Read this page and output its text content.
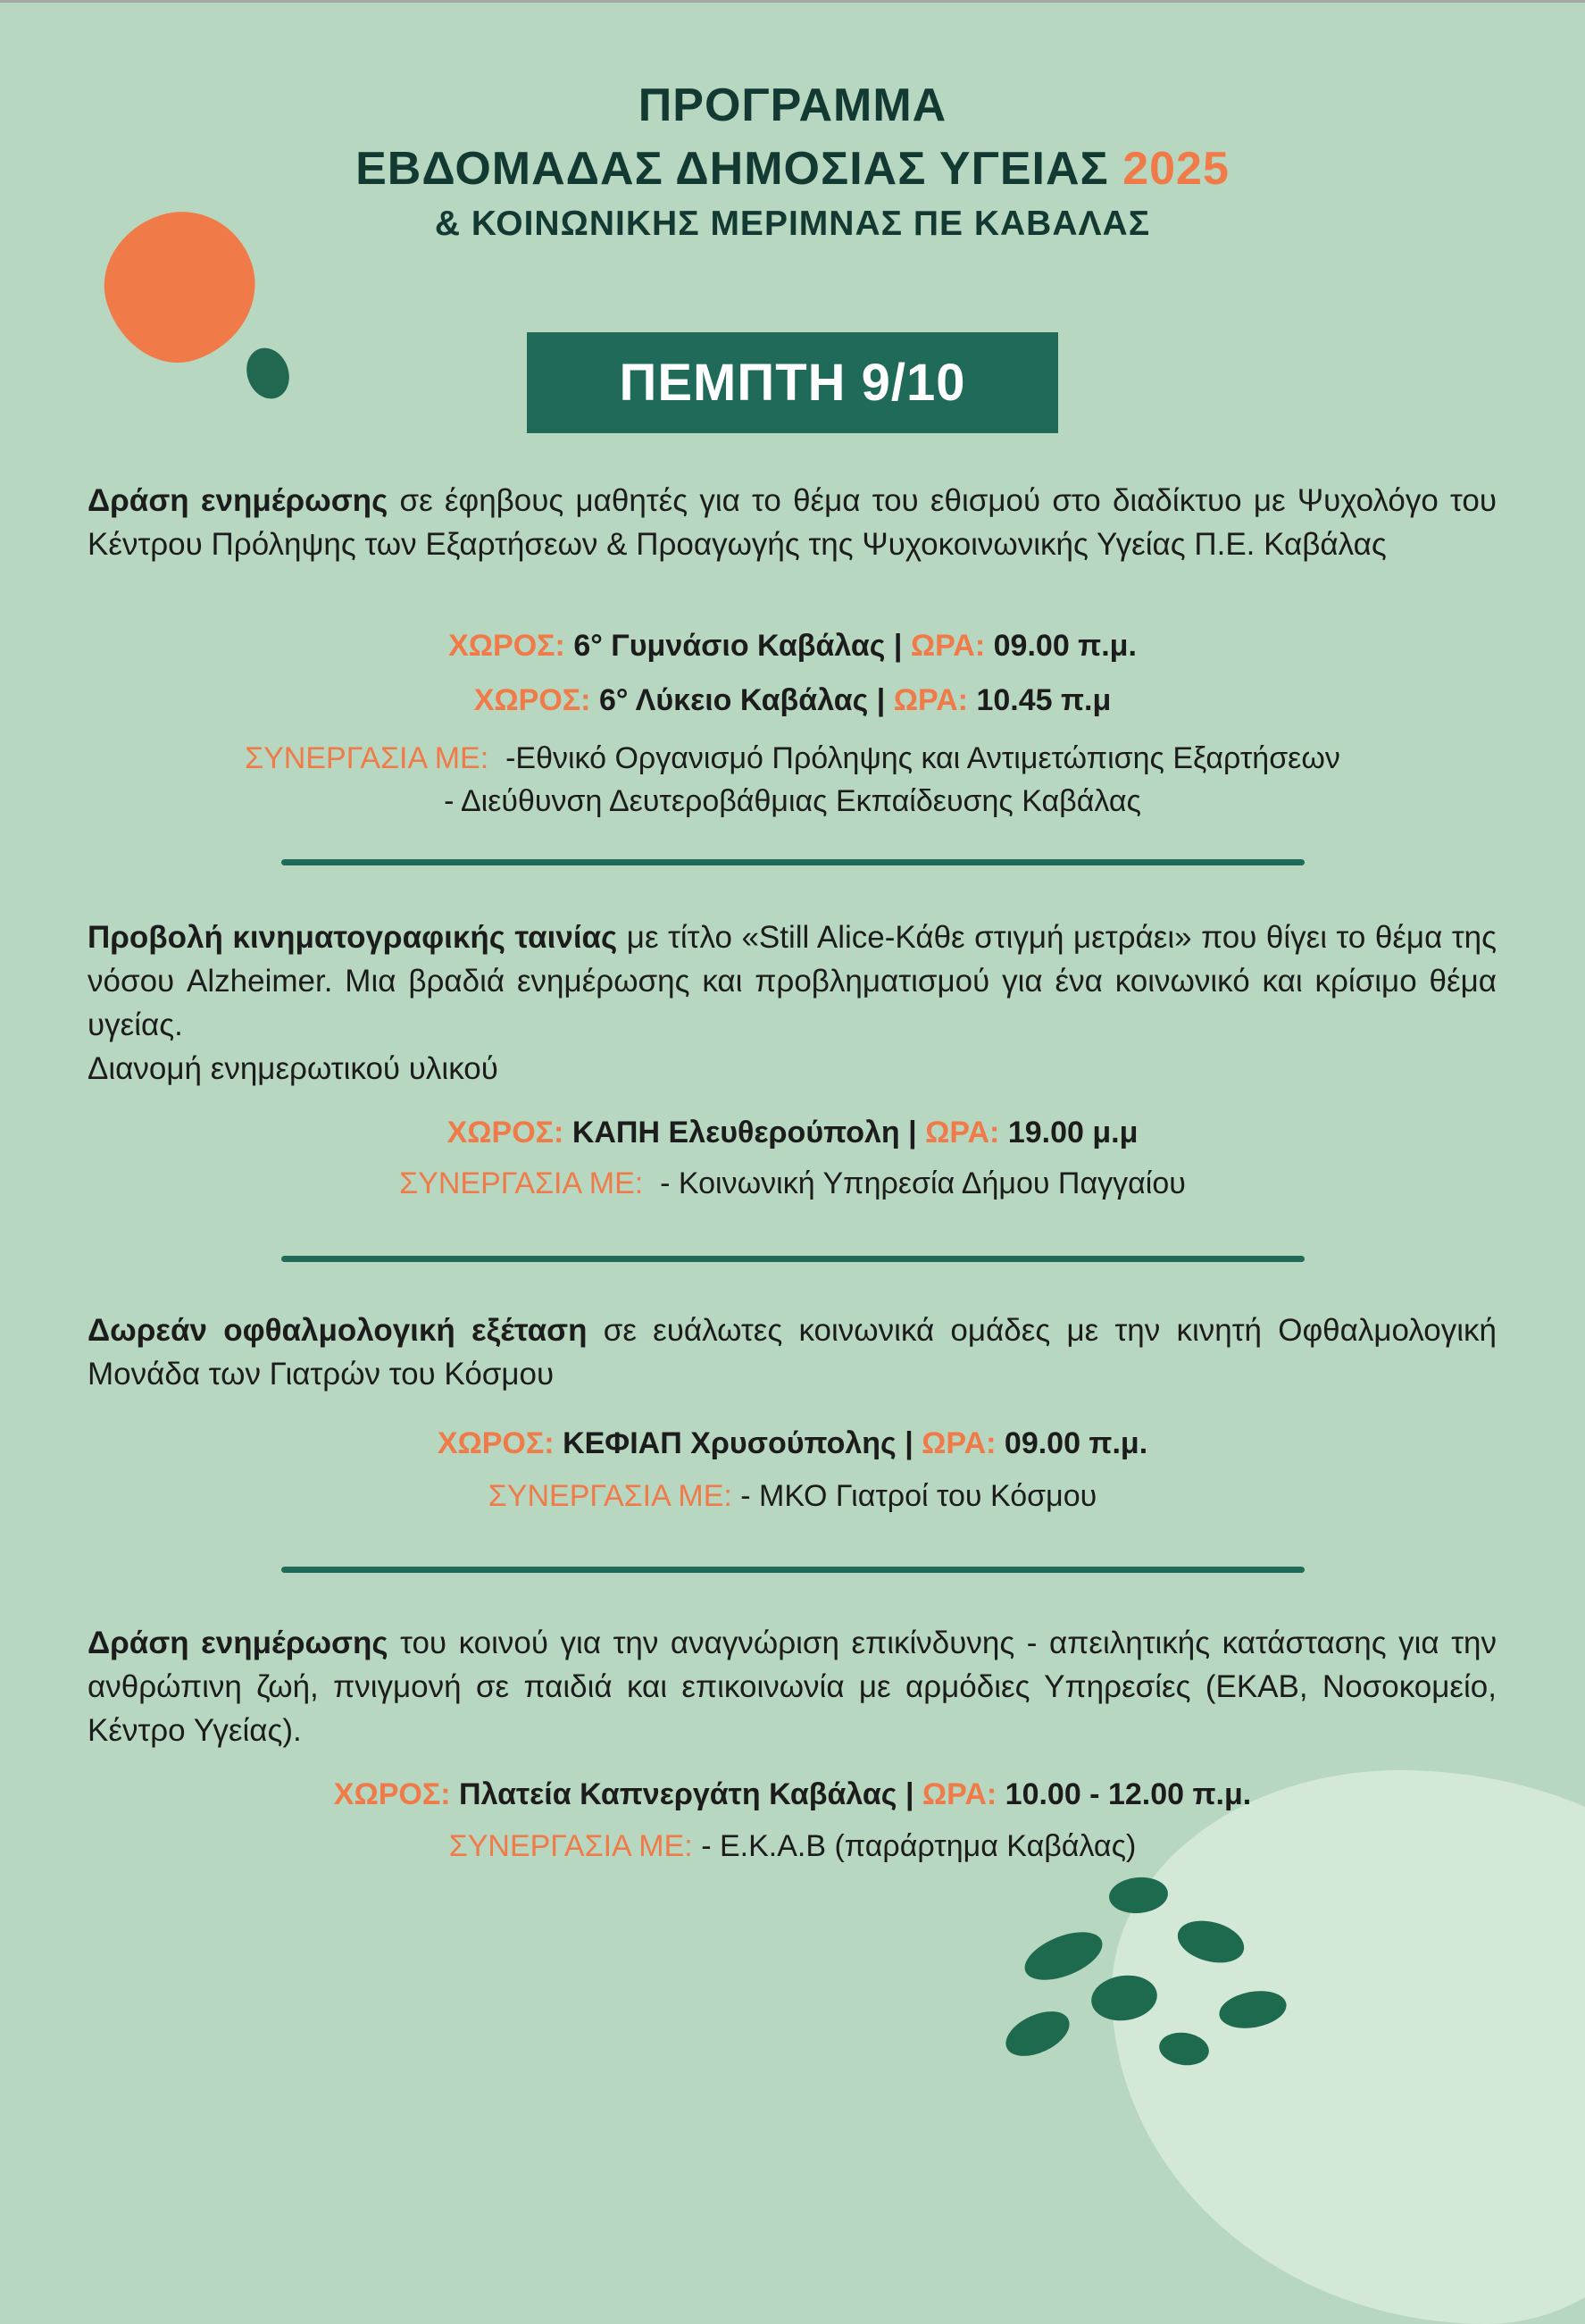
ΠΡΟΓΡΑΜΜΑ
ΕΒΔΟΜΑΔΑΣ ΔΗΜΟΣΙΑΣ ΥΓΕΙΑΣ 2025
& ΚΟΙΝΩΝΙΚΗΣ ΜΕΡΙΜΝΑΣ ΠΕ ΚΑΒΑΛΑΣ
ΠΕΜΠΤΗ 9/10
Δράση ενημέρωσης σε έφηβους μαθητές για το θέμα του εθισμού στο διαδίκτυο με Ψυχολόγο του Κέντρου Πρόληψης των Εξαρτήσεων & Προαγωγής της Ψυχοκοινωνικής Υγείας Π.Ε. Καβάλας
ΧΩΡΟΣ: 6° Γυμνάσιο Καβάλας | ΩΡΑ: 09.00 π.μ.
ΧΩΡΟΣ: 6° Λύκειο Καβάλας | ΩΡΑ: 10.45 π.μ
ΣΥΝΕΡΓΑΣΙΑ ΜΕ: -Εθνικό Οργανισμό Πρόληψης και Αντιμετώπισης Εξαρτήσεων
- Διεύθυνση Δευτεροβάθμιας Εκπαίδευσης Καβάλας
Προβολή κινηματογραφικής ταινίας με τίτλο «Still Alice-Κάθε στιγμή μετράει» που θίγει το θέμα της νόσου Alzheimer. Μια βραδιά ενημέρωσης και προβληματισμού για ένα κοινωνικό και κρίσιμο θέμα υγείας.
Διανομή ενημερωτικού υλικού
ΧΩΡΟΣ: ΚΑΠΗ Ελευθερούπολη | ΩΡΑ: 19.00 μ.μ
ΣΥΝΕΡΓΑΣΙΑ ΜΕ: - Κοινωνική Υπηρεσία Δήμου Παγγαίου
Δωρεάν οφθαλμολογική εξέταση σε ευάλωτες κοινωνικά ομάδες με την κινητή Οφθαλμολογική Μονάδα των Γιατρών του Κόσμου
ΧΩΡΟΣ: ΚΕΦΙΑΠ Χρυσούπολης | ΩΡΑ: 09.00 π.μ.
ΣΥΝΕΡΓΑΣΙΑ ΜΕ: - ΜΚΟ Γιατροί του Κόσμου
Δράση ενημέρωσης του κοινού για την αναγνώριση επικίνδυνης - απειλητικής κατάστασης για την ανθρώπινη ζωή, πνιγμονή σε παιδιά και επικοινωνία με αρμόδιες Υπηρεσίες (ΕΚΑΒ, Νοσοκομείο, Κέντρο Υγείας).
ΧΩΡΟΣ: Πλατεία Καπνεργάτη Καβάλας | ΩΡΑ: 10.00 - 12.00 π.μ.
ΣΥΝΕΡΓΑΣΙΑ ΜΕ: - Ε.Κ.Α.Β (παράρτημα Καβάλας)
